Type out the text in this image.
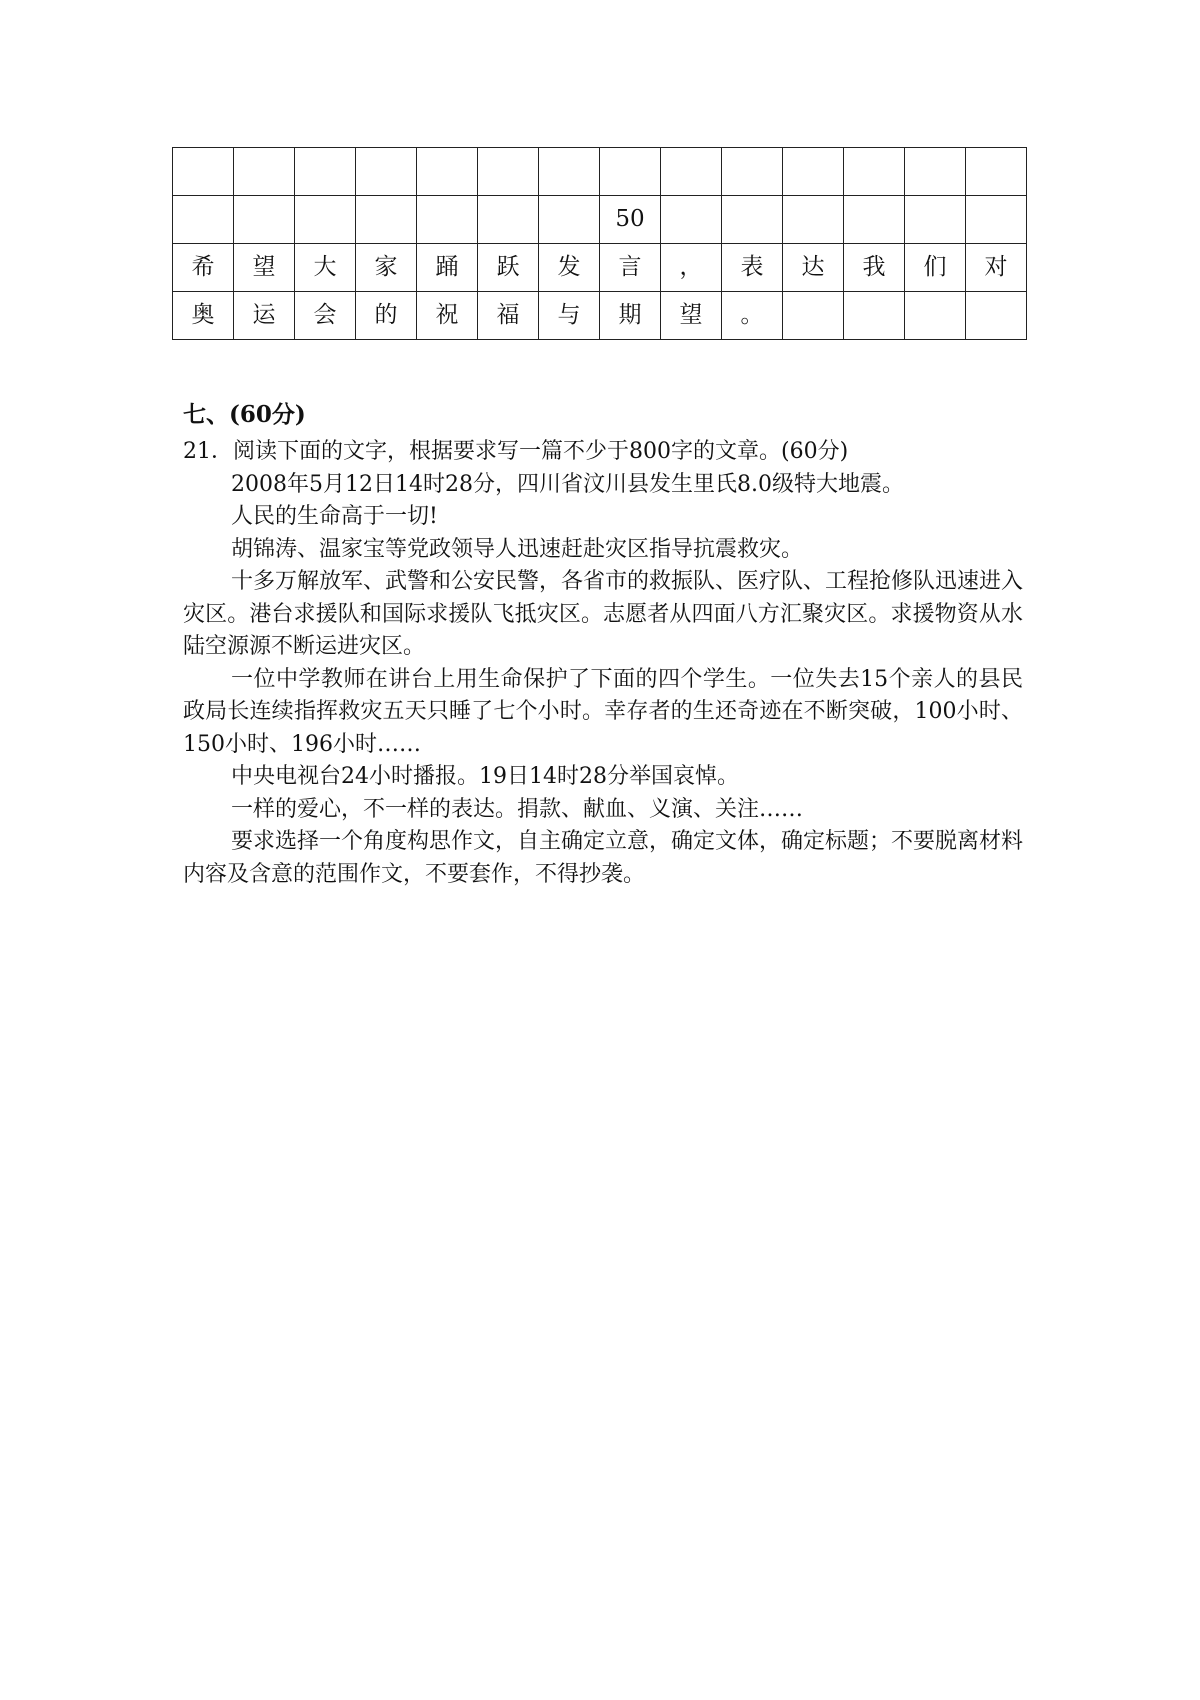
							50						
希	望	大	家	踊	跃	发	言	，	表	达	我	们	对
奥	运	会	的	祝	福	与	期	望	。				
七、(60分)

21．阅读下面的文字，根据要求写一篇不少于800字的文章。(60分)

2008年5月12日14时28分，四川省汶川县发生里氏8.0级特大地震。

人民的生命高于一切!

胡锦涛、温家宝等党政领导人迅速赶赴灾区指导抗震救灾。

十多万解放军、武警和公安民警，各省市的救振队、医疗队、工程抢修队迅速进入灾区。港台求援队和国际求援队飞抵灾区。志愿者从四面八方汇聚灾区。求援物资从水陆空源源不断运进灾区。

一位中学教师在讲台上用生命保护了下面的四个学生。一位失去15个亲人的县民政局长连续指挥救灾五天只睡了七个小时。幸存者的生还奇迹在不断突破，100小时、150小时、196小时……

中央电视台24小时播报。19日14时28分举国哀悼。

一样的爱心，不一样的表达。捐款、献血、义演、关注……

要求选择一个角度构思作文，自主确定立意，确定文体，确定标题；不要脱离材料内容及含意的范围作文，不要套作，不得抄袭。
